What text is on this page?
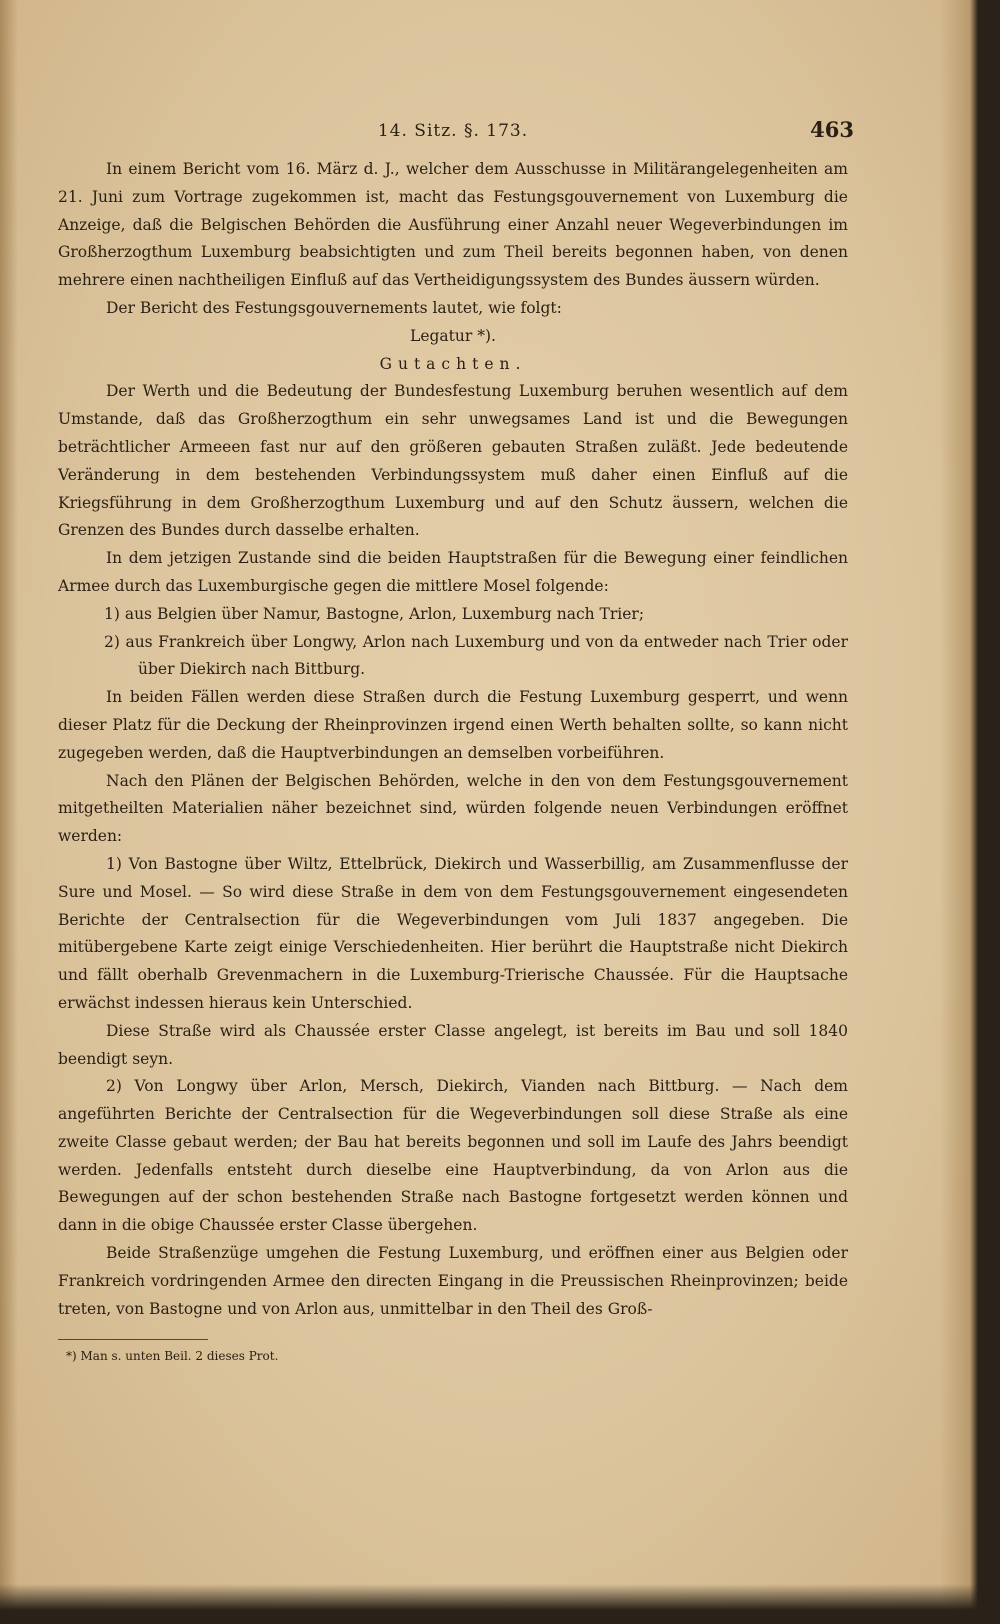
14. Sitz. §. 173.	463

In einem Bericht vom 16. März d. J., welcher dem Ausschusse in Militärangelegenheiten am 21. Juni zum Vortrage zugekommen ist, macht das Festungsgouvernement von Luxemburg die Anzeige, daß die Belgischen Behörden die Ausführung einer Anzahl neuer Wegeverbindungen im Großherzogthum Luxemburg beabsichtigten und zum Theil bereits begonnen haben, von denen mehrere einen nachtheiligen Einfluß auf das Vertheidigungssystem des Bundes äussern würden.

Der Bericht des Festungsgouvernements lautet, wie folgt:

Legatur *).

Gutachten.

Der Werth und die Bedeutung der Bundesfestung Luxemburg beruhen wesentlich auf dem Umstande, daß das Großherzogthum ein sehr unwegsames Land ist und die Bewegungen beträchtlicher Armeeen fast nur auf den größeren gebauten Straßen zuläßt. Jede bedeutende Veränderung in dem bestehenden Verbindungssystem muß daher einen Einfluß auf die Kriegsführung in dem Großherzogthum Luxemburg und auf den Schutz äussern, welchen die Grenzen des Bundes durch dasselbe erhalten.

In dem jetzigen Zustande sind die beiden Hauptstraßen für die Bewegung einer feindlichen Armee durch das Luxemburgische gegen die mittlere Mosel folgende:

1) aus Belgien über Namur, Bastogne, Arlon, Luxemburg nach Trier;

2) aus Frankreich über Longwy, Arlon nach Luxemburg und von da entweder nach Trier oder über Diekirch nach Bittburg.

In beiden Fällen werden diese Straßen durch die Festung Luxemburg gesperrt, und wenn dieser Platz für die Deckung der Rheinprovinzen irgend einen Werth behalten sollte, so kann nicht zugegeben werden, daß die Hauptverbindungen an demselben vorbeiführen.

Nach den Plänen der Belgischen Behörden, welche in den von dem Festungsgouvernement mitgetheilten Materialien näher bezeichnet sind, würden folgende neuen Verbindungen eröffnet werden:

1) Von Bastogne über Wiltz, Ettelbrück, Diekirch und Wasserbillig, am Zusammenflusse der Sure und Mosel. — So wird diese Straße in dem von dem Festungsgouvernement eingesendeten Berichte der Centralsection für die Wegeverbindungen vom Juli 1837 angegeben. Die mitübergebene Karte zeigt einige Verschiedenheiten. Hier berührt die Hauptstraße nicht Diekirch und fällt oberhalb Grevenmachern in die Luxemburg-Trierische Chaussée. Für die Hauptsache erwächst indessen hieraus kein Unterschied.

Diese Straße wird als Chaussée erster Classe angelegt, ist bereits im Bau und soll 1840 beendigt seyn.

2) Von Longwy über Arlon, Mersch, Diekirch, Vianden nach Bittburg. — Nach dem angeführten Berichte der Centralsection für die Wegeverbindungen soll diese Straße als eine zweite Classe gebaut werden; der Bau hat bereits begonnen und soll im Laufe des Jahrs beendigt werden. Jedenfalls entsteht durch dieselbe eine Hauptverbindung, da von Arlon aus die Bewegungen auf der schon bestehenden Straße nach Bastogne fortgesetzt werden können und dann in die obige Chaussée erster Classe übergehen.

Beide Straßenzüge umgehen die Festung Luxemburg, und eröffnen einer aus Belgien oder Frankreich vordringenden Armee den directen Eingang in die Preussischen Rheinprovinzen; beide treten, von Bastogne und von Arlon aus, unmittelbar in den Theil des Groß-

*) Man s. unten Beil. 2 dieses Prot.
